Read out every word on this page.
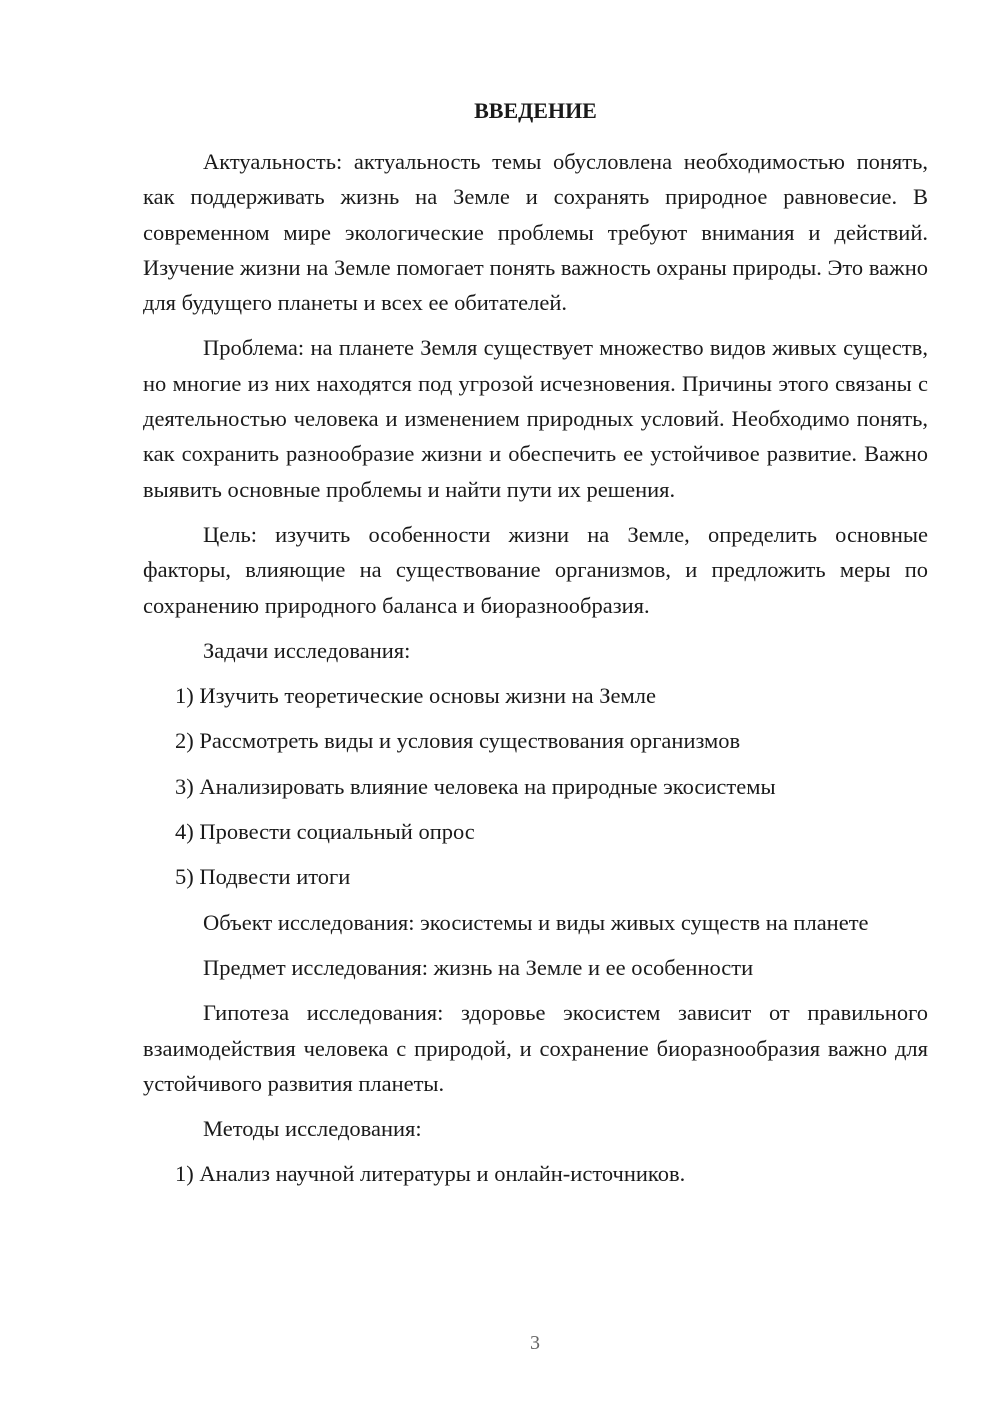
ВВЕДЕНИЕ

Актуальность: актуальность темы обусловлена необходимостью понять, как поддерживать жизнь на Земле и сохранять природное равновесие. В современном мире экологические проблемы требуют внимания и действий. Изучение жизни на Земле помогает понять важность охраны природы. Это важно для будущего планеты и всех ее обитателей.

Проблема: на планете Земля существует множество видов живых существ, но многие из них находятся под угрозой исчезновения. Причины этого связаны с деятельностью человека и изменением природных условий. Необходимо понять, как сохранить разнообразие жизни и обеспечить ее устойчивое развитие. Важно выявить основные проблемы и найти пути их решения.

Цель: изучить особенности жизни на Земле, определить основные факторы, влияющие на существование организмов, и предложить меры по сохранению природного баланса и биоразнообразия.

Задачи исследования:

1) Изучить теоретические основы жизни на Земле

2) Рассмотреть виды и условия существования организмов

3) Анализировать влияние человека на природные экосистемы

4) Провести социальный опрос

5) Подвести итоги

Объект исследования: экосистемы и виды живых существ на планете

Предмет исследования: жизнь на Земле и ее особенности

Гипотеза исследования: здоровье экосистем зависит от правильного взаимодействия человека с природой, и сохранение биоразнообразия важно для устойчивого развития планеты.

Методы исследования:

1) Анализ научной литературы и онлайн-источников.

3
